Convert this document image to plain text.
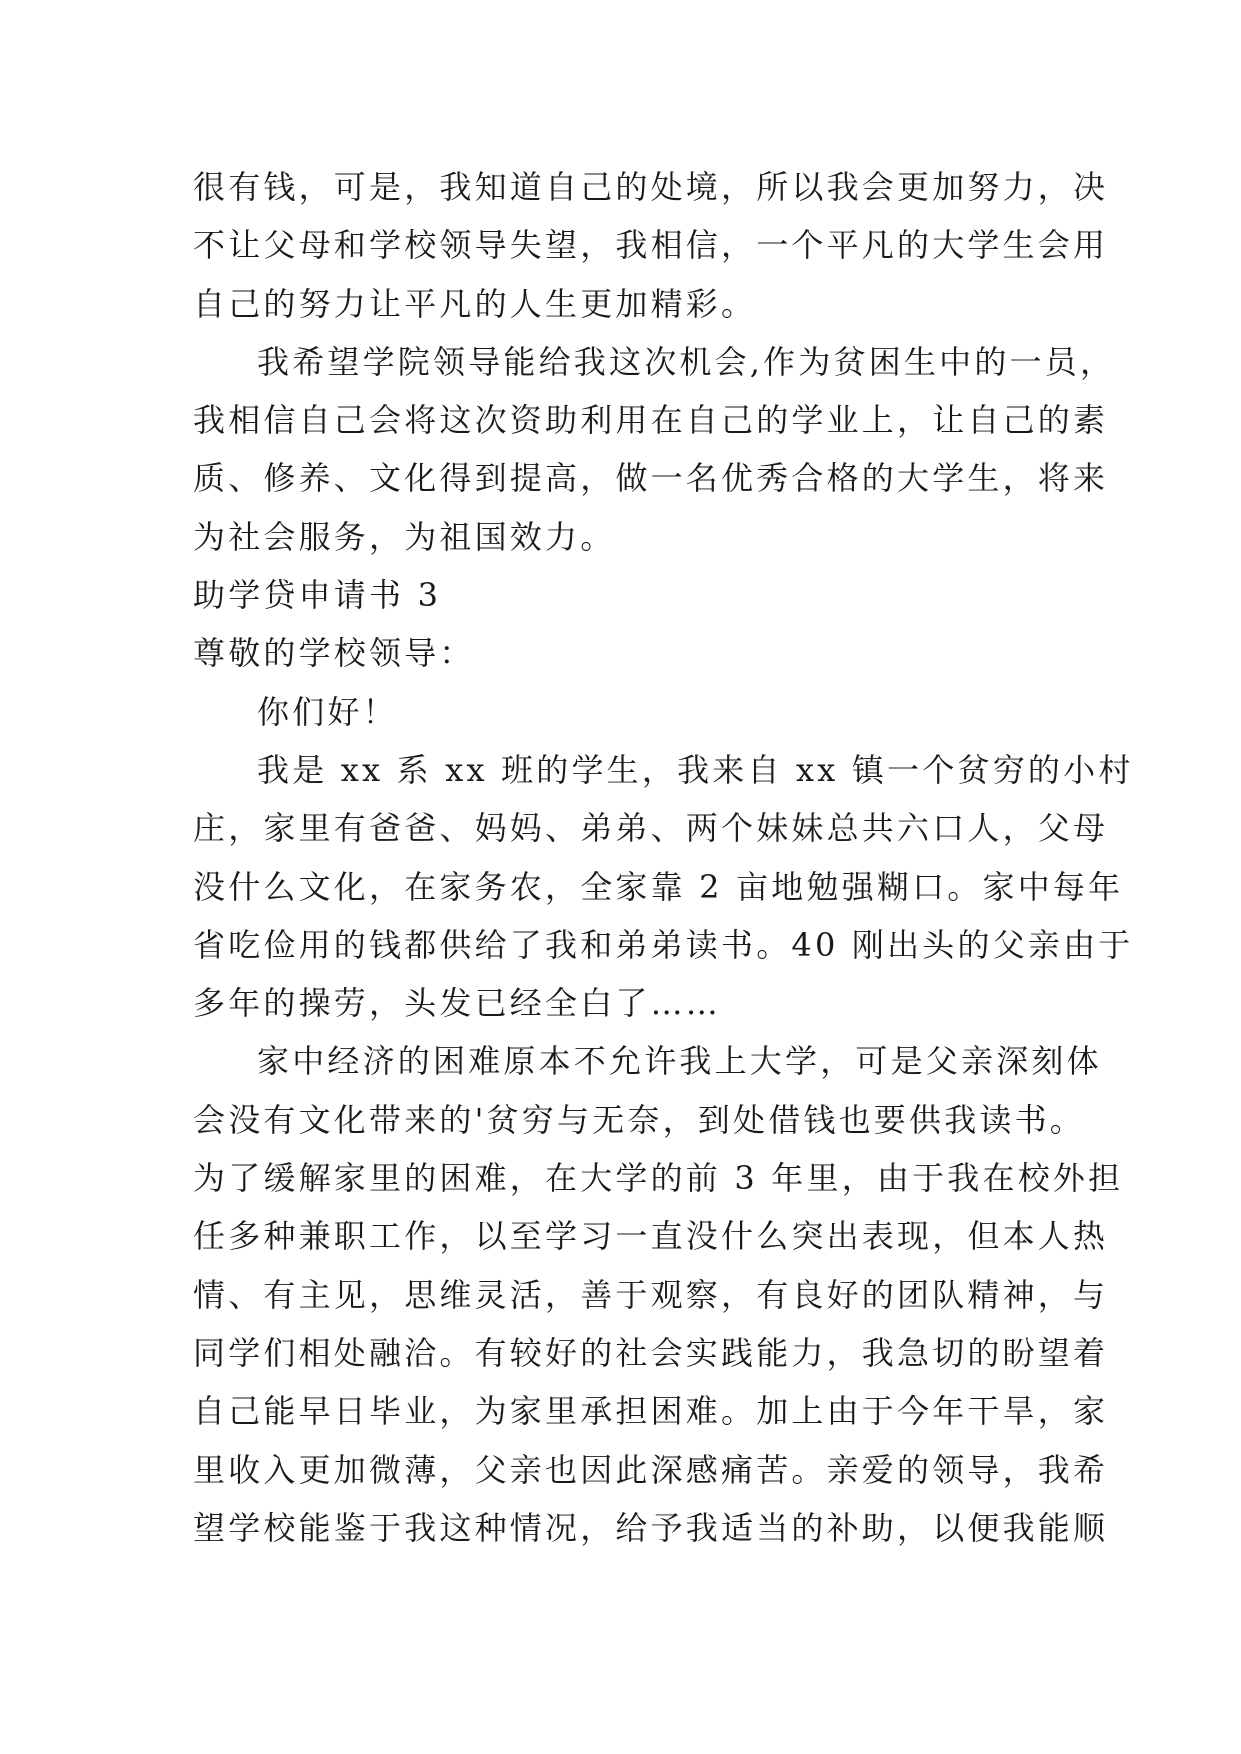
很有钱，可是，我知道自己的处境，所以我会更加努力，决
不让父母和学校领导失望，我相信，一个平凡的大学生会用
自己的努力让平凡的人生更加精彩。
我希望学院领导能给我这次机会,作为贫困生中的一员，
我相信自己会将这次资助利用在自己的学业上，让自己的素
质、修养、文化得到提高，做一名优秀合格的大学生，将来
为社会服务，为祖国效力。
助学贷申请书 3
尊敬的学校领导：
你们好！
我是 xx 系 xx 班的学生，我来自 xx 镇一个贫穷的小村
庄，家里有爸爸、妈妈、弟弟、两个妹妹总共六口人，父母
没什么文化，在家务农，全家靠 2 亩地勉强糊口。家中每年
省吃俭用的钱都供给了我和弟弟读书。40 刚出头的父亲由于
多年的操劳，头发已经全白了……
家中经济的困难原本不允许我上大学，可是父亲深刻体
会没有文化带来的'贫穷与无奈，到处借钱也要供我读书。
为了缓解家里的困难，在大学的前 3 年里，由于我在校外担
任多种兼职工作，以至学习一直没什么突出表现，但本人热
情、有主见，思维灵活，善于观察，有良好的团队精神，与
同学们相处融洽。有较好的社会实践能力，我急切的盼望着
自己能早日毕业，为家里承担困难。加上由于今年干旱，家
里收入更加微薄，父亲也因此深感痛苦。亲爱的领导，我希
望学校能鉴于我这种情况，给予我适当的补助，以便我能顺
